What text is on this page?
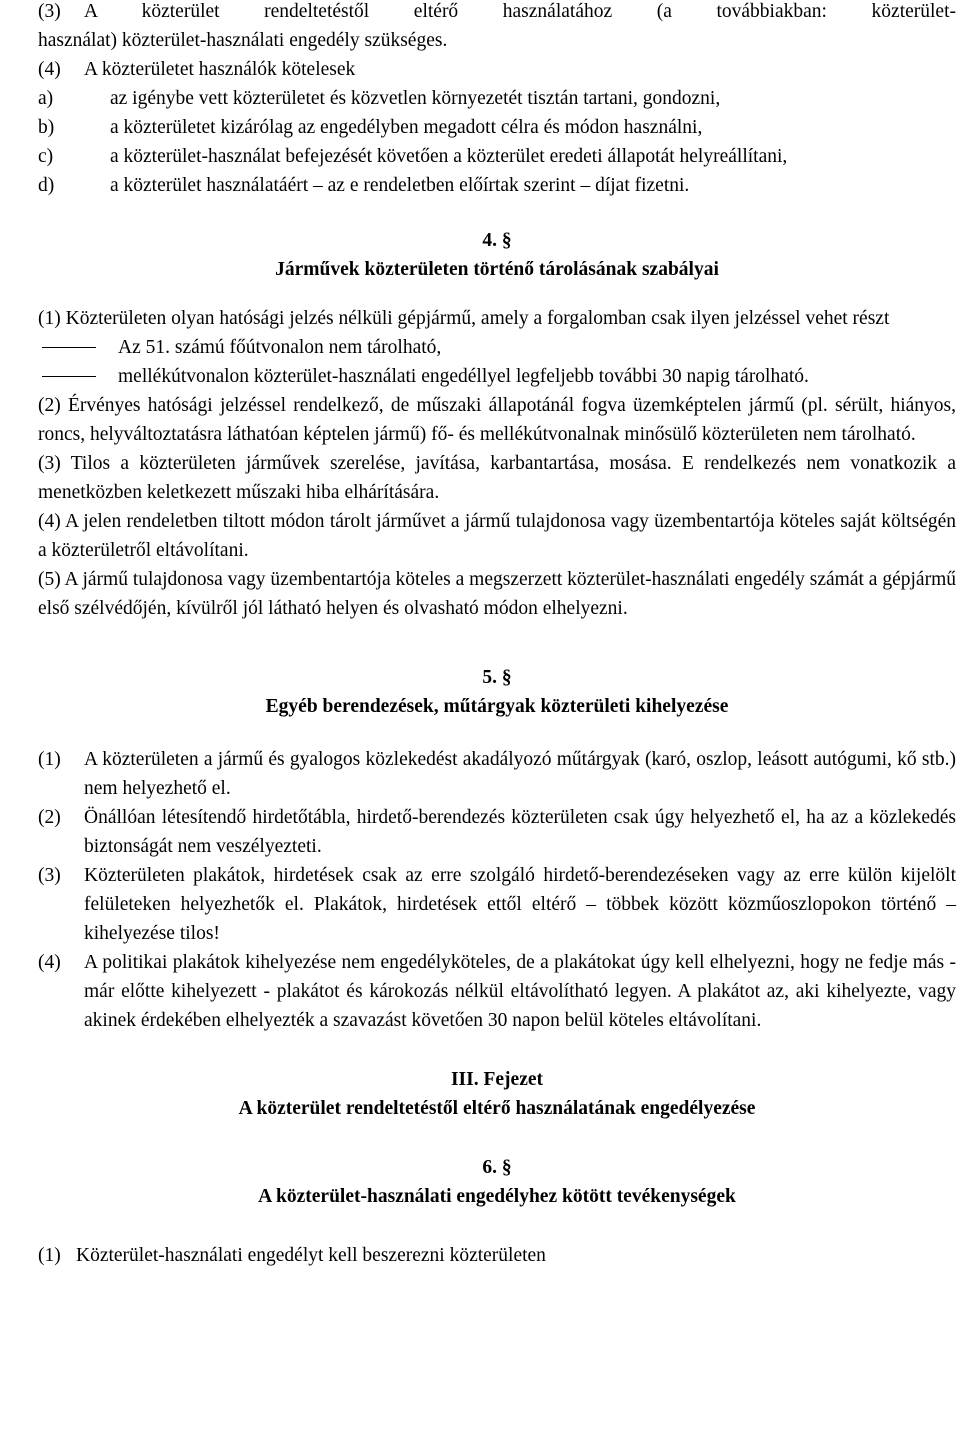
(3)	A közterület rendeltetéstől eltérő használatához (a továbbiakban: közterület-
használat) közterület-használati engedély szükséges.
(4)	A közterületet használók kötelesek
a)	az igénybe vett közterületet és közvetlen környezetét tisztán tartani, gondozni,
b)	a közterületet kizárólag az engedélyben megadott célra és módon használni,
c)	a közterület-használat befejezését követően a közterület eredeti állapotát helyreállítani,
d)	a közterület használatáért – az e rendeletben előírtak szerint – díjat fizetni.
4. §
Járművek közterületen történő tárolásának szabályai
(1) Közterületen olyan hatósági jelzés nélküli gépjármű, amely a forgalomban csak ilyen jelzéssel vehet részt
Az 51. számú főútvonalon nem tárolható,
mellékútvonalon közterület-használati engedéllyel legfeljebb további 30 napig tárolható.
(2) Érvényes hatósági jelzéssel rendelkező, de műszaki állapotánál fogva üzemképtelen jármű (pl. sérült, hiányos, roncs, helyváltoztatásra láthatóan képtelen jármű) fő- és mellékútvonalnak minősülő közterületen nem tárolható.
(3) Tilos a közterületen járművek szerelése, javítása, karbantartása, mosása. E rendelkezés nem vonatkozik a menetközben keletkezett műszaki hiba elhárítására.
(4) A jelen rendeletben tiltott módon tárolt járművet a jármű tulajdonosa vagy üzembentartója köteles saját költségén a közterületről eltávolítani.
(5) A jármű tulajdonosa vagy üzembentartója köteles a megszerzett közterület-használati engedély számát a gépjármű első szélvédőjén, kívülről jól látható helyen és olvasható módon elhelyezni.
5. §
Egyéb berendezések, műtárgyak közterületi kihelyezése
(1)	A közterületen a jármű és gyalogos közlekedést akadályozó műtárgyak (karó, oszlop, leásott autógumi, kő stb.) nem helyezhető el.
(2)	Önállóan létesítendő hirdetőtábla, hirdető-berendezés közterületen csak úgy helyezhető el, ha az a közlekedés biztonságát nem veszélyezteti.
(3)	Közterületen plakátok, hirdetések csak az erre szolgáló hirdető-berendezéseken vagy az erre külön kijelölt felületeken helyezhetők el. Plakátok, hirdetések ettől eltérő – többek között közműoszlopokon történő – kihelyezése tilos!
(4)	A politikai plakátok kihelyezése nem engedélyköteles, de a plakátokat úgy kell elhelyezni, hogy ne fedje más - már előtte kihelyezett - plakátot és károkozás nélkül eltávolítható legyen. A plakátot az, aki kihelyezte, vagy akinek érdekében elhelyezték a szavazást követően 30 napon belül köteles eltávolítani.
III. Fejezet
A közterület rendeltetéstől eltérő használatának engedélyezése
6. §
A közterület-használati engedélyhez kötött tevékenységek
(1) Közterület-használati engedélyt kell beszerezni közterületen
